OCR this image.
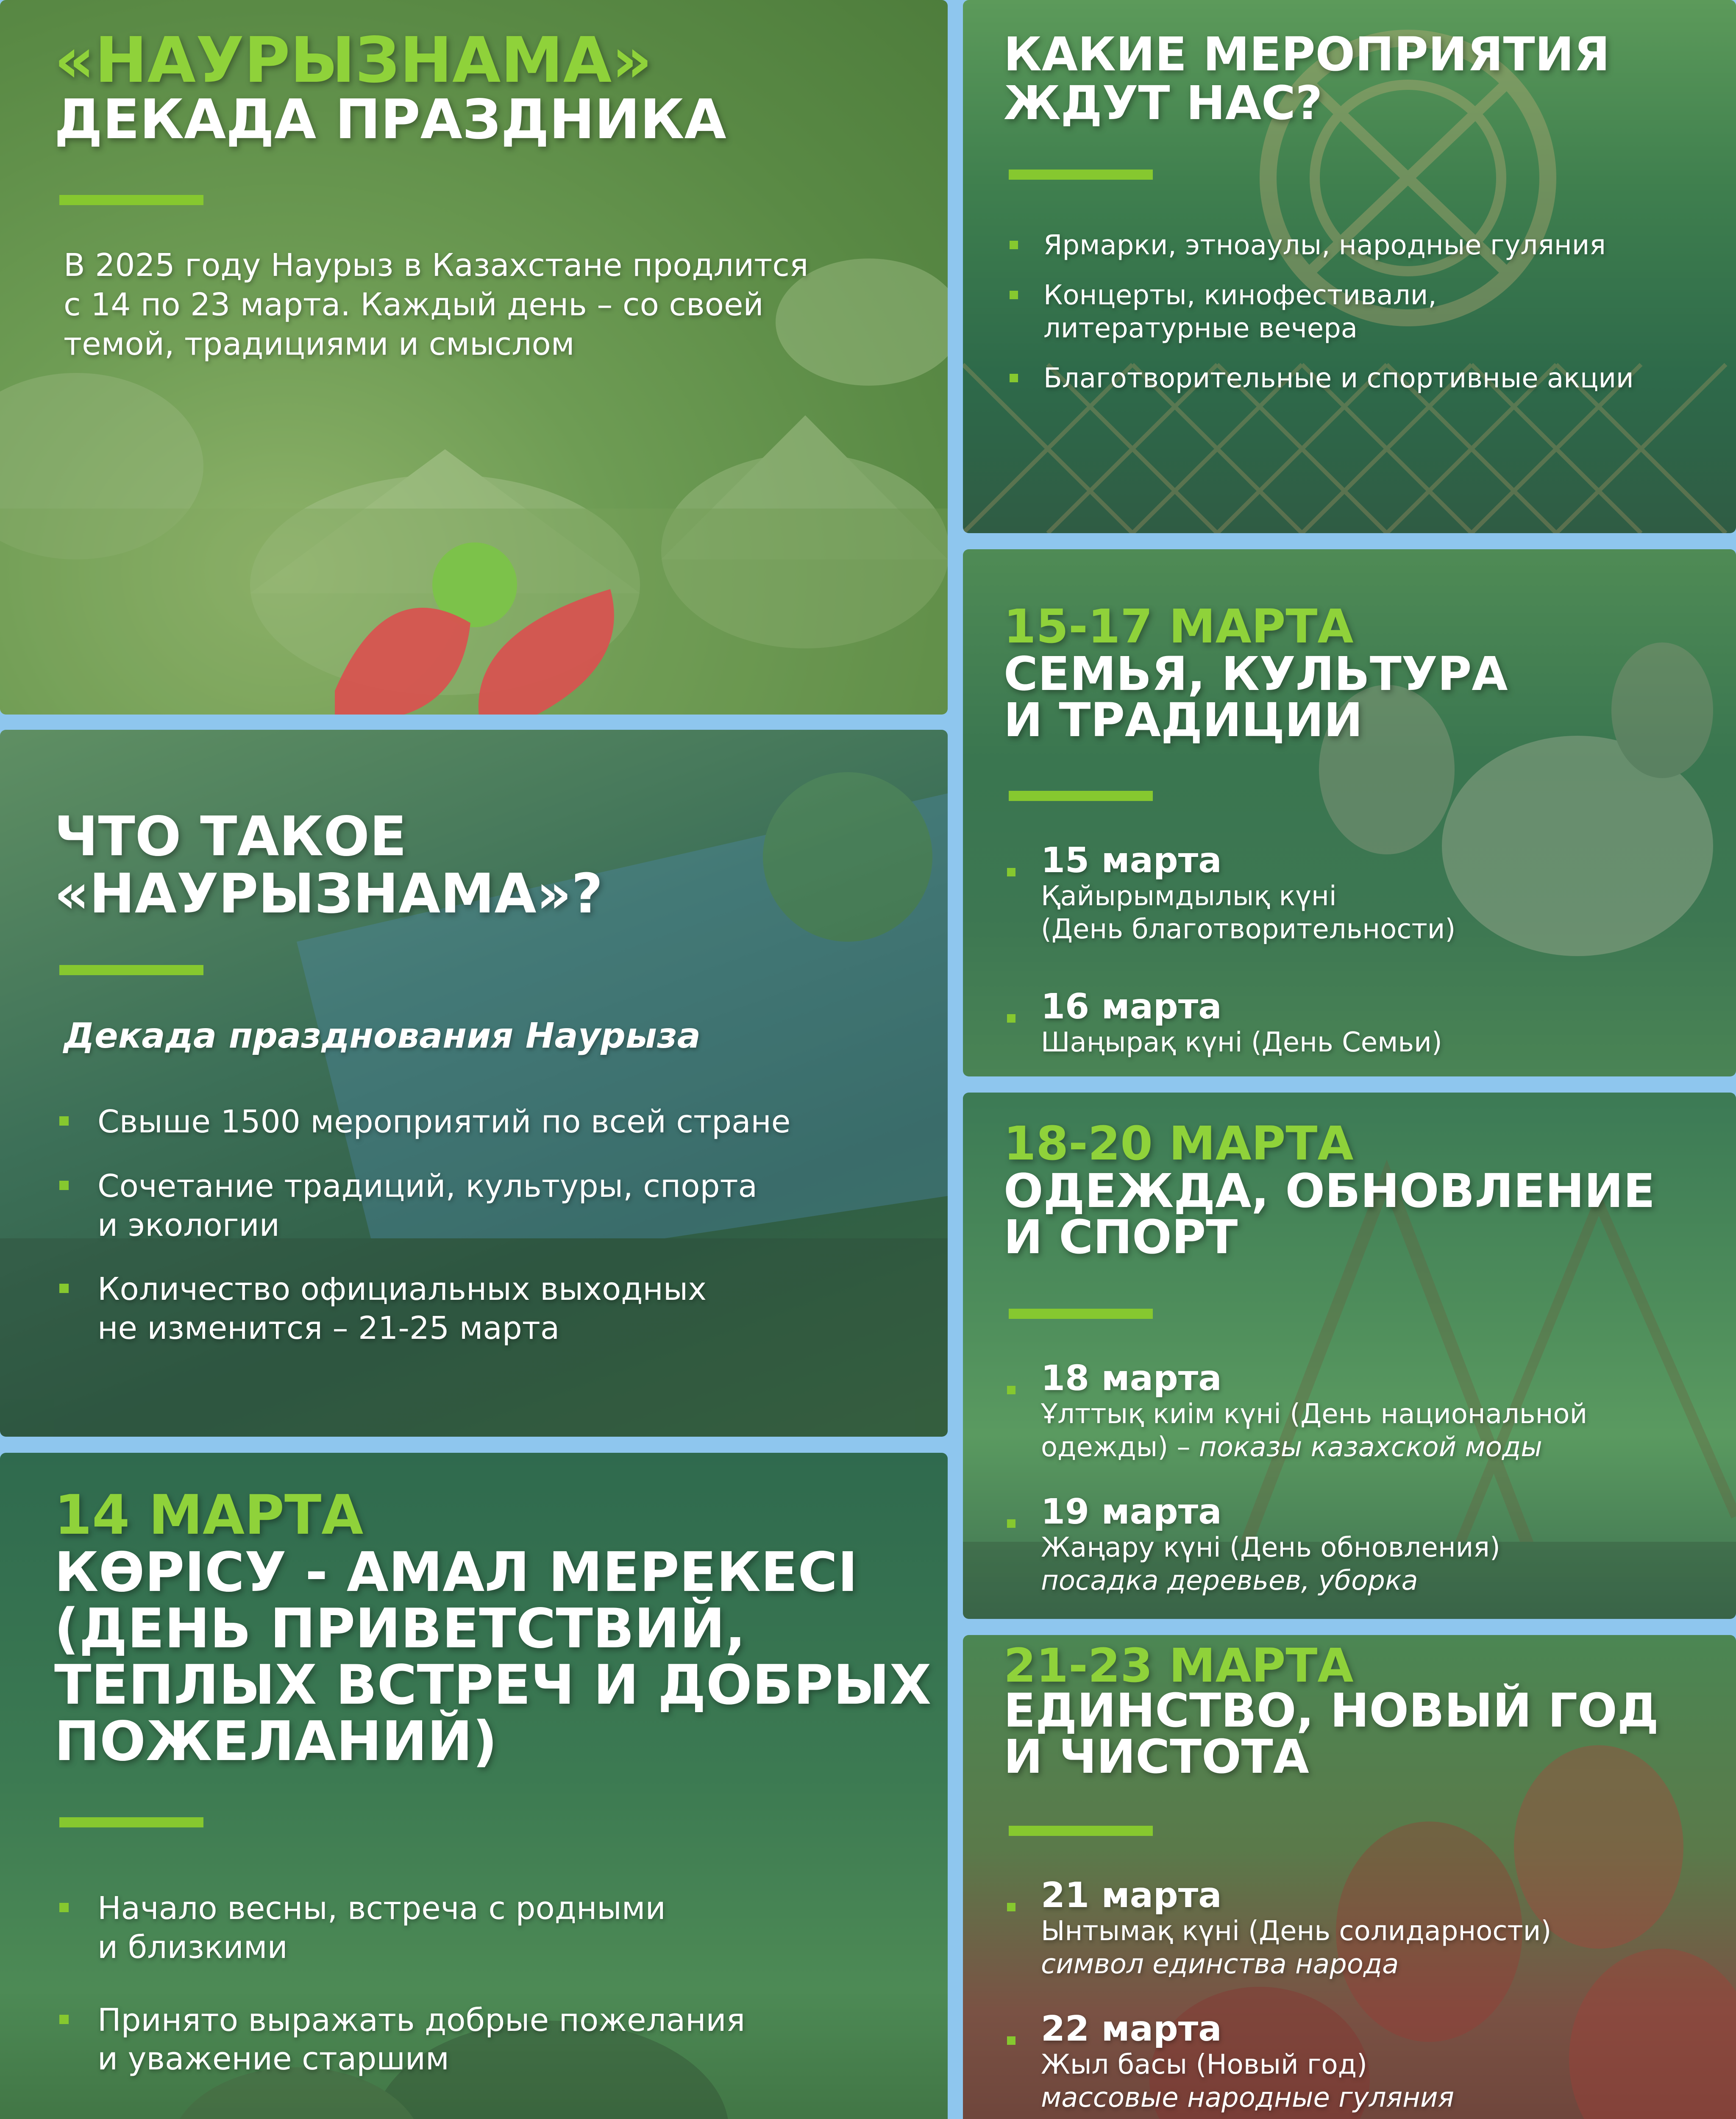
«НАУРЫЗНАМА»
ДЕКАДА ПРАЗДНИКА
В 2025 году Наурыз в Казахстане продлится
с 14 по 23 марта. Каждый день – со своей
темой, традициями и смыслом
ЧТО ТАКОЕ
«НАУРЫЗНАМА»?
Декада празднования Наурыза
Свыше 1500 мероприятий по всей стране
Сочетание традиций, культуры, спорта
и экологии
Количество официальных выходных
не изменится – 21-25 марта
14 МАРТА
КӨРІСУ - АМАЛ МЕРЕКЕСІ
(ДЕНЬ ПРИВЕТСТВИЙ,
ТЕПЛЫХ ВСТРЕЧ И ДОБРЫХ
ПОЖЕЛАНИЙ)
Начало весны, встреча с родными
и близкими
Принято выражать добрые пожелания
и уважение старшим
КАКИЕ МЕРОПРИЯТИЯ
ЖДУТ НАС?
Ярмарки, этноаулы, народные гуляния
Концерты, кинофестивали,
литературные вечера
Благотворительные и спортивные акции
15-17 МАРТА
СЕМЬЯ, КУЛЬТУРА
И ТРАДИЦИИ
15 марта
Қайырымдылық күні
(День благотворительности)
16 марта
Шаңырақ күні (День Семьи)
18-20 МАРТА
ОДЕЖДА, ОБНОВЛЕНИЕ
И СПОРТ
18 марта
Ұлттық киім күні (День национальной
одежды) – показы казахской моды
19 марта
Жаңару күні (День обновления)
посадка деревьев, уборка
21-23 МАРТА
ЕДИНСТВО, НОВЫЙ ГОД
И ЧИСТОТА
21 марта
Ынтымақ күні (День солидарности)
символ единства народа
22 марта
Жыл басы (Новый год)
массовые народные гуляния
